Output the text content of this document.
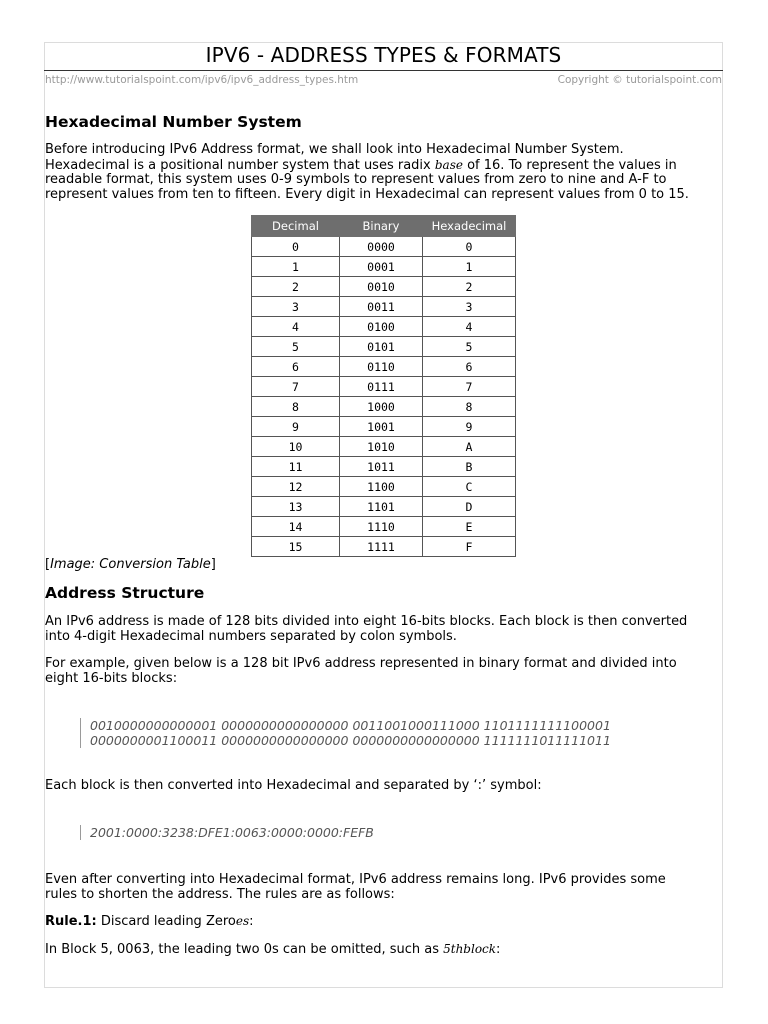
IPV6 - ADDRESS TYPES & FORMATS
http://www.tutorialspoint.com/ipv6/ipv6_address_types.htm	Copyright © tutorialspoint.com
Hexadecimal Number System
Before introducing IPv6 Address format, we shall look into Hexadecimal Number System.
Hexadecimal is a positional number system that uses radix base of 16. To represent the values in
readable format, this system uses 0-9 symbols to represent values from zero to nine and A-F to
represent values from ten to fifteen. Every digit in Hexadecimal can represent values from 0 to 15.
Decimal	Binary	Hexadecimal
0	0000	0
1	0001	1
2	0010	2
3	0011	3
4	0100	4
5	0101	5
6	0110	6
7	0111	7
8	1000	8
9	1001	9
10	1010	A
11	1011	B
12	1100	C
13	1101	D
14	1110	E
15	1111	F
[Image: Conversion Table]
Address Structure
An IPv6 address is made of 128 bits divided into eight 16-bits blocks. Each block is then converted
into 4-digit Hexadecimal numbers separated by colon symbols.
For example, given below is a 128 bit IPv6 address represented in binary format and divided into
eight 16-bits blocks:
0010000000000001 0000000000000000 0011001000111000 1101111111100001
0000000001100011 0000000000000000 0000000000000000 1111111011111011
Each block is then converted into Hexadecimal and separated by ‘:’ symbol:
2001:0000:3238:DFE1:0063:0000:0000:FEFB
Even after converting into Hexadecimal format, IPv6 address remains long. IPv6 provides some
rules to shorten the address. The rules are as follows:
Rule.1: Discard leading Zeroes:
In Block 5, 0063, the leading two 0s can be omitted, such as 5thblock:
